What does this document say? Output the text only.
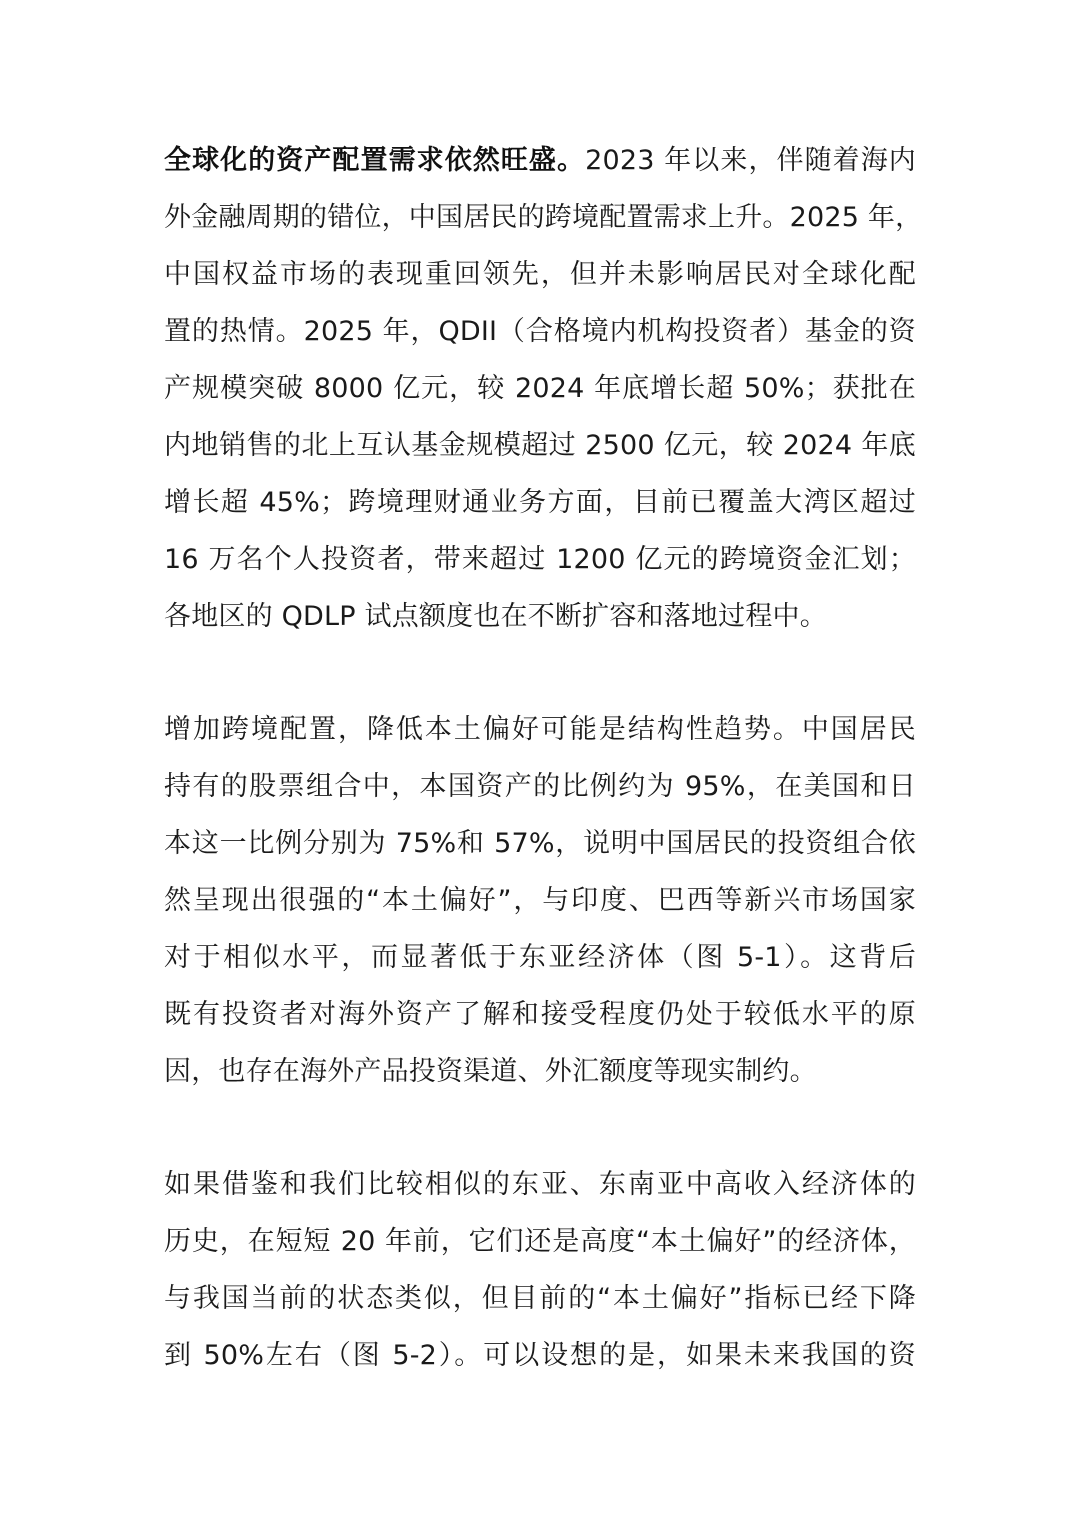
全球化的资产配置需求依然旺盛。2023 年以来，伴随着海内
外金融周期的错位，中国居民的跨境配置需求上升。2025 年，
中国权益市场的表现重回领先，但并未影响居民对全球化配
置的热情。2025 年，QDII（合格境内机构投资者）基金的资
产规模突破 8000 亿元，较 2024 年底增长超 50%；获批在
内地销售的北上互认基金规模超过 2500 亿元，较 2024 年底
增长超 45%；跨境理财通业务方面，目前已覆盖大湾区超过
16 万名个人投资者，带来超过 1200 亿元的跨境资金汇划；
各地区的 QDLP 试点额度也在不断扩容和落地过程中。
增加跨境配置，降低本土偏好可能是结构性趋势。中国居民
持有的股票组合中，本国资产的比例约为 95%，在美国和日
本这一比例分别为 75%和 57%，说明中国居民的投资组合依
然呈现出很强的“本土偏好”，与印度、巴西等新兴市场国家
对于相似水平，而显著低于东亚经济体（图 5-1）。这背后
既有投资者对海外资产了解和接受程度仍处于较低水平的原
因，也存在海外产品投资渠道、外汇额度等现实制约。
如果借鉴和我们比较相似的东亚、东南亚中高收入经济体的
历史，在短短 20 年前，它们还是高度“本土偏好”的经济体，
与我国当前的状态类似，但目前的“本土偏好”指标已经下降
到 50%左右（图 5-2）。可以设想的是，如果未来我国的资
